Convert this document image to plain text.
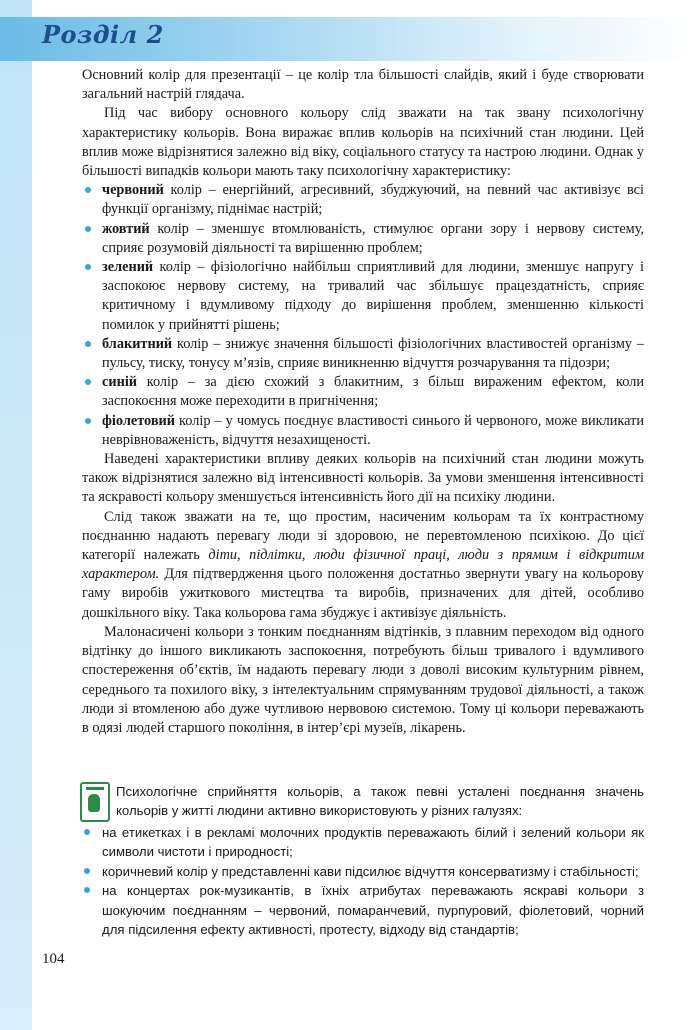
Розділ 2

Основний колір для презентації – це колір тла більшості слайдів, який і буде створювати загальний настрій глядача.

Під час вибору основного кольору слід зважати на так звану психологічну характеристику кольорів. Вона виражає вплив кольорів на психічний стан людини. Цей вплив може відрізнятися залежно від віку, соціального статусу та настрою людини. Однак у більшості випадків кольори мають таку психологічну характеристику:

червоний колір – енергійний, агресивний, збуджуючий, на певний час активізує всі функції організму, піднімає настрій;
жовтий колір – зменшує втомлюваність, стимулює органи зору і нервову систему, сприяє розумовій діяльності та вирішенню проблем;
зелений колір – фізіологічно найбільш сприятливий для людини, зменшує напругу і заспокоює нервову систему, на тривалий час збільшує працездатність, сприяє критичному і вдумливому підходу до вирішення проблем, зменшенню кількості помилок у прийнятті рішень;
блакитний колір – знижує значення більшості фізіологічних властивостей організму – пульсу, тиску, тонусу м’язів, сприяє виникненню відчуття розчарування та підозри;
синій колір – за дією схожий з блакитним, з більш вираженим ефектом, коли заспокоєння може переходити в пригнічення;
фіолетовий колір – у чомусь поєднує властивості синього й червоного, може викликати неврівноваженість, відчуття незахищеності.

Наведені характеристики впливу деяких кольорів на психічний стан людини можуть також відрізнятися залежно від інтенсивності кольорів. За умови зменшення інтенсивності та яскравості кольору зменшується інтенсивність його дії на психіку людини.

Слід також зважати на те, що простим, насиченим кольорам та їх контрастному поєднанню надають перевагу люди зі здоровою, не перевтомленою психікою. До цієї категорії належать діти, підлітки, люди фізичної праці, люди з прямим і відкритим характером. Для підтвердження цього положення достатньо звернути увагу на кольорову гаму виробів ужиткового мистецтва та виробів, призначених для дітей, особливо дошкільного віку. Така кольорова гама збуджує і активізує діяльність.

Малонасичені кольори з тонким поєднанням відтінків, з плавним переходом від одного відтінку до іншого викликають заспокоєння, потребують більш тривалого і вдумливого спостереження об’єктів, їм надають перевагу люди з доволі високим культурним рівнем, середнього та похилого віку, з інтелектуальним спрямуванням трудової діяльності, а також люди зі втомленою або дуже чутливою нервовою системою. Тому ці кольори переважають в одязі людей старшого покоління, в інтер’єрі музеїв, лікарень.

Психологічне сприйняття кольорів, а також певні усталені поєднання значень кольорів у житті людини активно використовують у різних галузях:
на етикетках і в рекламі молочних продуктів переважають білий і зелений кольори як символи чистоти і природності;
коричневий колір у представленні кави підсилює відчуття консерватизму і стабільності;
на концертах рок-музикантів, в їхніх атрибутах переважають яскраві кольори з шокуючим поєднанням – червоний, помаранчевий, пурпуровий, фіолетовий, чорний для підсилення ефекту активності, протесту, відходу від стандартів;
104
